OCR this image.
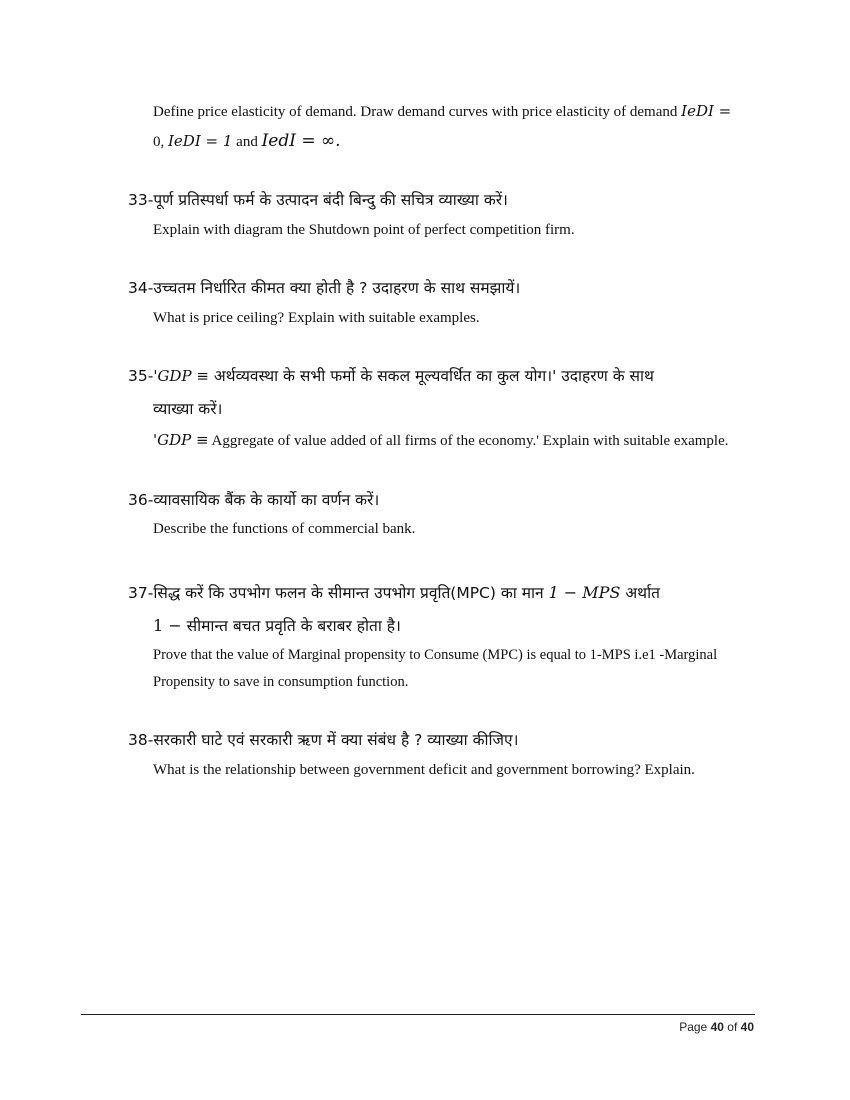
Define price elasticity of demand. Draw demand curves with price elasticity of demand IeDI =
0, IeDI = 1 and IedI = ∞.
33-पूर्ण प्रतिस्पर्धा फर्म के उत्पादन बंदी बिन्दु की सचित्र व्याख्या करें।
Explain with diagram the Shutdown point of perfect competition firm.
34-उच्चतम निर्धारित कीमत क्या होती है ? उदाहरण के साथ समझायें।
What is price ceiling? Explain with suitable examples.
35-'GDP ≡ अर्थव्यवस्था के सभी फर्मो के सकल मूल्यवर्धित का कुल योग।' उदाहरण के साथ
व्याख्या करें।
'GDP ≡ Aggregate of value added of all firms of the economy.' Explain with suitable example.
36-व्यावसायिक बैंक के कार्यो का वर्णन करें।
Describe the functions of commercial bank.
37-सिद्ध करें कि उपभोग फलन के सीमान्त उपभोग प्रवृति(MPC) का मान 1 − MPS अर्थात
1 − सीमान्त बचत प्रवृति के बराबर होता है।
Prove that the value of Marginal propensity to Consume (MPC) is equal to 1-MPS i.e1 -Marginal
Propensity to save in consumption function.
38-सरकारी घाटे एवं सरकारी ऋण में क्या संबंध है ? व्याख्या कीजिए।
What is the relationship between government deficit and government borrowing? Explain.
Page 40 of 40
